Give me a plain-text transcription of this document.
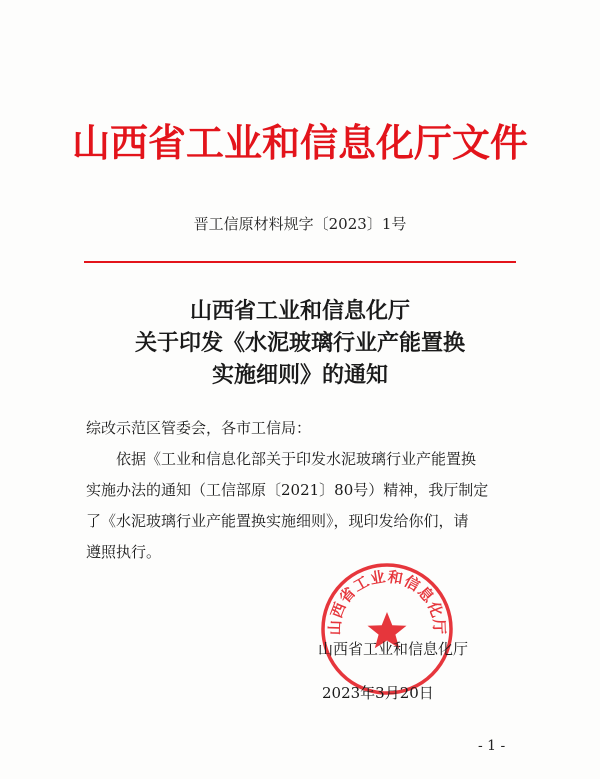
山西省工业和信息化厅文件
晋工信原材料规字〔2023〕1号
山西省工业和信息化厅
关于印发《水泥玻璃行业产能置换
实施细则》的通知
综改示范区管委会，各市工信局：
依据《工业和信息化部关于印发水泥玻璃行业产能置换
实施办法的通知（工信部原〔2021〕80号）精神，我厅制定
了《水泥玻璃行业产能置换实施细则》，现印发给你们，请
遵照执行。
山西省工业和信息化厅
山西省工业和信息化厅
2023年3月20日
- 1 -
